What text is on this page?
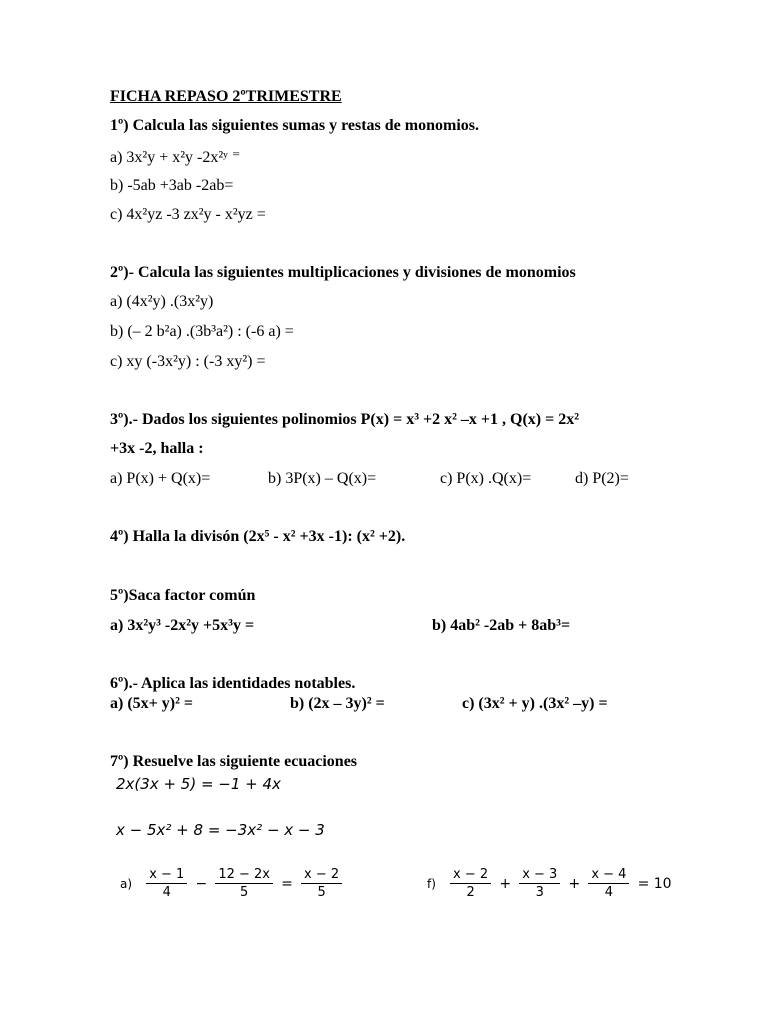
FICHA REPASO 2ºTRIMESTRE
1º) Calcula las siguientes sumas y restas de monomios.
a) 3x²y + x²y -2x²ʸ ⁼
b) -5ab +3ab -2ab=
c) 4x²yz -3 zx²y - x²yz =
2º)- Calcula las siguientes multiplicaciones y divisiones de monomios
a) (4x²y) .(3x²y)
b) (– 2 b²a) .(3b³a²) : (-6 a) =
c) xy (-3x²y) : (-3 xy²) =
3º).- Dados los siguientes polinomios P(x) = x³ +2 x² –x +1 , Q(x) = 2x²
+3x -2, halla :
a) P(x) + Q(x)=	b) 3P(x) – Q(x)=	c) P(x) .Q(x)=	d) P(2)=
4º) Halla la divisón (2x⁵ - x² +3x -1): (x² +2).
5º)Saca factor común
a) 3x²y³ -2x²y +5x³y =	b) 4ab² -2ab + 8ab³=
6º).- Aplica las identidades notables.
a) (5x+ y)² =	b) (2x – 3y)² =	c) (3x² + y) .(3x² –y) =
7º) Resuelve las siguiente ecuaciones
2x(3x + 5) = −1 + 4x
x − 5x² + 8 = −3x² − x − 3
$a) \frac{x - 1}{4} - \frac{12 - 2x}{5} = \frac{x - 2}{5}$	$f) \frac{x - 2}{2} + \frac{x - 3}{3} + \frac{x - 4}{4} = 10$
